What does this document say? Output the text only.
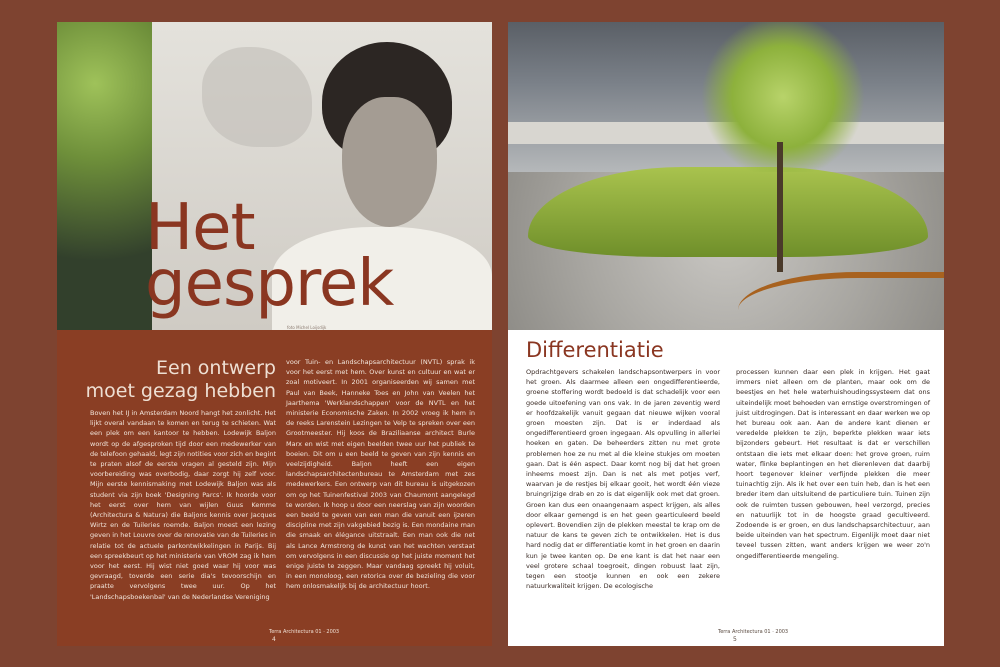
foto Michel Loijsdijk
Het
gesprek
Een ontwerp
moet gezag hebben
Boven het IJ in Amsterdam Noord hangt het zonlicht. Het lijkt overal vandaan te komen en terug te schieten. Wat een plek om een kantoor te hebben. Lodewijk Baljon wordt op de afgesproken tijd door een medewerker van de telefoon gehaald, legt zijn notities voor zich en begint te praten alsof de eerste vragen al gesteld zijn. Mijn voorbereiding was overbodig, daar zorgt hij zelf voor. Mijn eerste kennismaking met Lodewijk Baljon was als student via zijn boek 'Designing Parcs'. Ik hoorde voor het eerst over hem van wijlen Guus Kemme (Architectura & Natura) die Baljons kennis over Jacques Wirtz en de Tuileries roemde. Baljon moest een lezing geven in het Louvre over de renovatie van de Tuileries in relatie tot de actuele parkontwikkelingen in Parijs. Bij een spreekbeurt op het ministerie van VROM zag ik hem voor het eerst. Hij wist niet goed waar hij voor was gevraagd, toverde een serie dia's tevoorschijn en praatte vervolgens twee uur. Op het 'Landschapsboekenbal' van de Nederlandse Vereniging
voor Tuin- en Landschapsarchitectuur (NVTL) sprak ik voor het eerst met hem. Over kunst en cultuur en wat er zoal motiveert. In 2001 organiseerden wij samen met Paul van Beek, Hanneke Toes en John van Veelen het Jaarthema 'Werklandschappen' voor de NVTL en het ministerie Economische Zaken. In 2002 vroeg ik hem in de reeks Larenstein Lezingen te Velp te spreken over een Grootmeester. Hij koos de Braziliaanse architect Burle Marx en wist met eigen beelden twee uur het publiek te boeien. Dit om u een beeld te geven van zijn kennis en veelzijdigheid. Baljon heeft een eigen landschapsarchitectenbureau te Amsterdam met zes medewerkers. Een ontwerp van dit bureau is uitgekozen om op het Tuinenfestival 2003 van Chaumont aangelegd te worden. Ik hoop u door een neerslag van zijn woorden een beeld te geven van een man die vanuit een ijzeren discipline met zijn vakgebied bezig is. Een mondaine man die smaak en élégance uitstraalt. Een man ook die net als Lance Armstrong de kunst van het wachten verstaat om vervolgens in een discussie op het juiste moment het enige juiste te zeggen. Maar vandaag spreekt hij voluit, in een monoloog, een retorica over de bezieling die voor hem onlosmakelijk bij de architectuur hoort.
Terra Architectura 01 · 2003
4
Differentiatie
Opdrachtgevers schakelen landschapsontwerpers in voor het groen. Als daarmee alleen een ongedifferentieerde, groene stoffering wordt bedoeld is dat schadelijk voor een goede uitoefening van ons vak. In de jaren zeventig werd er hoofdzakelijk vanuit gegaan dat nieuwe wijken vooral groen moesten zijn. Dat is er inderdaad als ongedifferentieerd groen ingegaan. Als opvulling in allerlei hoeken en gaten. De beheerders zitten nu met grote problemen hoe ze nu met al die kleine stukjes om moeten gaan. Dat is één aspect. Daar komt nog bij dat het groen inheems moest zijn. Dan is net als met potjes verf, waarvan je de restjes bij elkaar gooit, het wordt één vieze bruingrijzige drab en zo is dat eigenlijk ook met dat groen. Groen kan dus een onaangenaam aspect krijgen, als alles door elkaar gemengd is en het geen gearticuleerd beeld oplevert. Bovendien zijn de plekken meestal te krap om de natuur de kans te geven zich te ontwikkelen. Het is dus hard nodig dat er differentiatie komt in het groen en daarin kun je twee kanten op. De ene kant is dat het naar een veel grotere schaal toegroeit, dingen robuust laat zijn, tegen een stootje kunnen en ook een zekere natuurkwaliteit krijgen. De ecologische
processen kunnen daar een plek in krijgen. Het gaat immers niet alleen om de planten, maar ook om de beestjes en het hele waterhuishoudingssysteem dat ons uiteindelijk moet behoeden van ernstige overstromingen of juist uitdrogingen. Dat is interessant en daar werken we op het bureau ook aan. Aan de andere kant dienen er veredelde plekken te zijn, beperkte plekken waar iets bijzonders gebeurt. Het resultaat is dat er verschillen ontstaan die iets met elkaar doen: het grove groen, ruim water, flinke beplantingen en het dierenleven dat daarbij hoort tegenover kleiner verfijnde plekken die meer tuinachtig zijn. Als ik het over een tuin heb, dan is het een breder item dan uitsluitend de particuliere tuin. Tuinen zijn ook de ruimten tussen gebouwen, heel verzorgd, precies en natuurlijk tot in de hoogste graad gecultiveerd. Zodoende is er groen, en dus landschapsarchitectuur, aan beide uiteinden van het spectrum. Eigenlijk moet daar niet teveel tussen zitten, want anders krijgen we weer zo'n ongedifferentieerde mengeling.
Terra Architectura 01 · 2003
5
